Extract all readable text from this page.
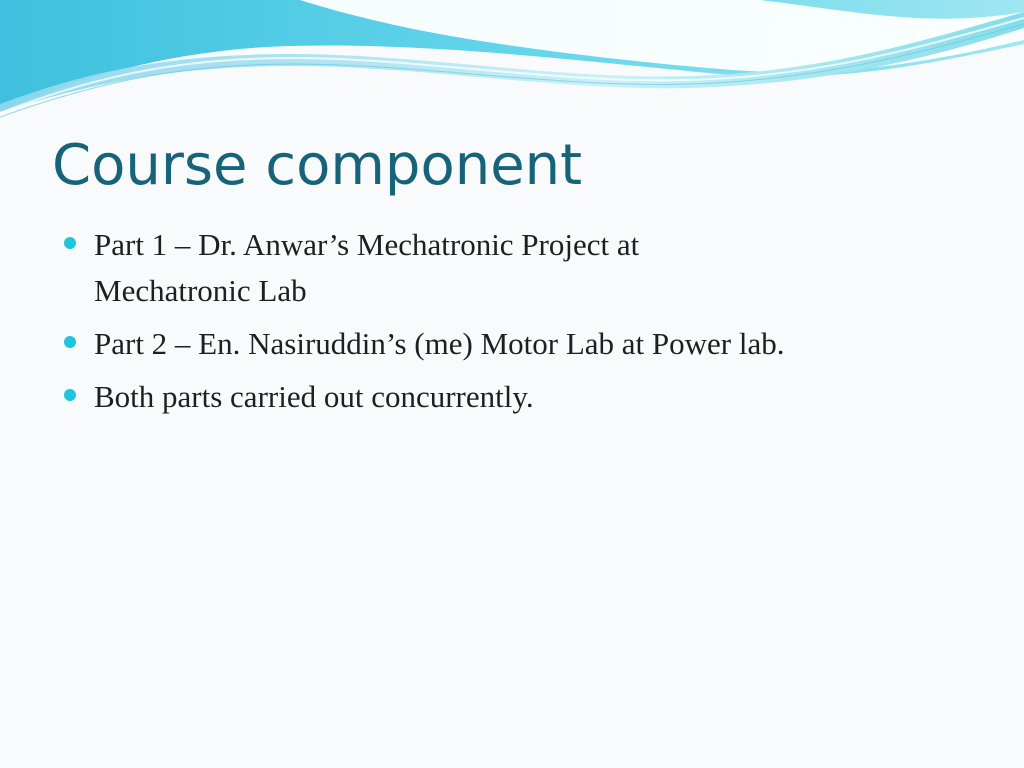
Course component
Part 1 – Dr. Anwar’s Mechatronic Project at Mechatronic Lab
Part 2 – En. Nasiruddin’s (me) Motor Lab at Power lab.
Both parts carried out concurrently.
